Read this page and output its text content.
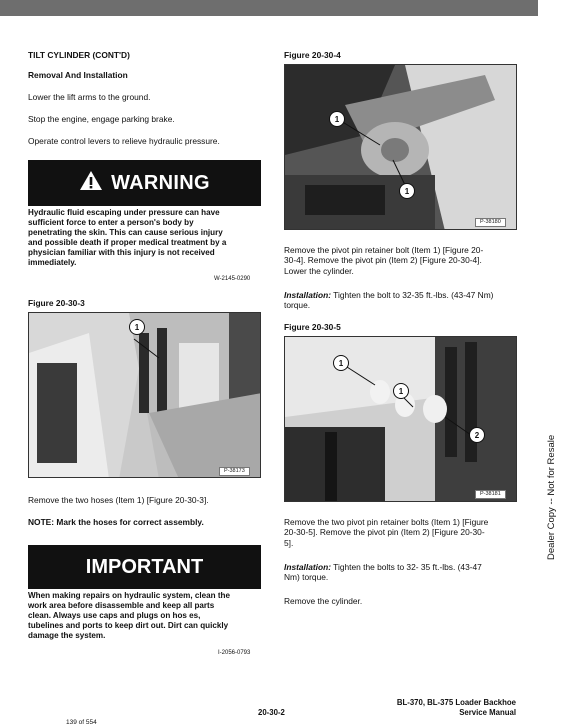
TILT CYLINDER (CONT'D)
Removal And Installation
Lower the lift arms to the ground.
Stop the engine, engage parking brake.
Operate control levers to relieve hydraulic pressure.
WARNING
Hydraulic fluid escaping under pressure can have
sufficient force to enter a person's body by
penetrating the skin. This can cause serious injury
and possible death if proper medical treatment by a
physician familiar with this injury is not received
immediately.
W-2145-0290
Figure 20-30-3
1
P-38173
Remove the two hoses (Item 1) [Figure 20-30-3].
NOTE: Mark the hoses for correct assembly.
IMPORTANT
When making repairs on hydraulic system, clean the
work area before disassemble and keep all parts
clean. Always use caps and plugs on hos es,
tubelines and ports to keep dirt out. Dirt can quickly
damage the system.
I-2056-0793
Figure 20-30-4
1
1
P-38180
Remove the pivot pin retainer bolt (Item 1) [Figure 20-
30-4]. Remove the pivot pin (Item 2) [Figure 20-30-4].
Lower the cylinder.
Installation: Tighten the bolt to 32-35 ft.-lbs. (43-47 Nm)
torque.
Figure 20-30-5
1
1
2
P-38181
Remove the two pivot pin retainer bolts (Item 1) [Figure
20-30-5]. Remove the pivot pin (Item 2) [Figure 20-30-
5].
Installation: Tighten the bolts to 32- 35 ft.-lbs. (43-47
Nm) torque.
Remove the cylinder.
Dealer Copy -- Not for Resale
BL-370, BL-375 Loader Backhoe
Service Manual
20-30-2
139 of 554
